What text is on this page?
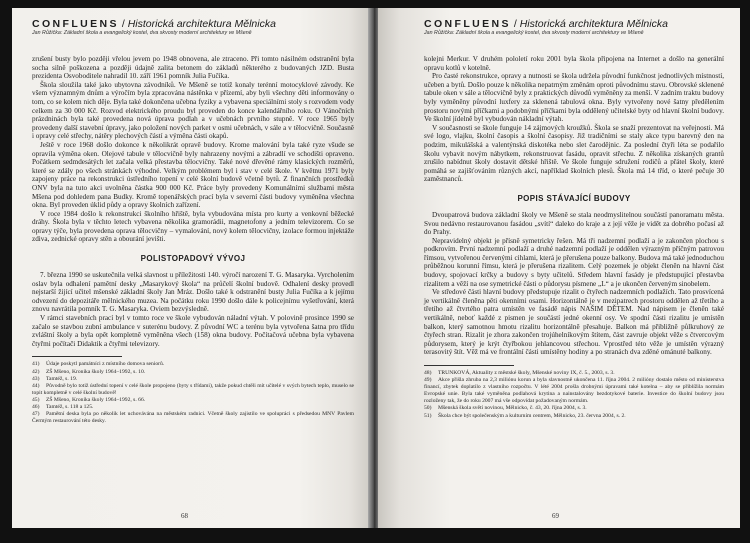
CONFLUENS / Historická architektura Mělnicka
Jan Růžička: Základní škola a evangelický kostel, dva skvosty moderní architektury ve Mšeně

zrušení busty bylo později vřelou jevem po 1948 obnovena, ale ztraceno. Při tomto násilném odstranění byla socha silně poškozena a později údajně zalita betonem do základů některého z budovaných JZD. Busta prezidenta Osvoboditele nahradil 10. září 1961 pomník Julia Fučíka.

Škola sloužila také jako ubytovna závodníků. Ve Mšeně se totiž konaly terénní motocyklové závody. Ke všem významným dnům a výročím byla zpracována nástěnka v přízemí, aby byli všechny děti informovány o tom, co se kolem nich děje. Byla také dokončena učebna fyziky a vybavena speciálními stoly s rozvodem vody celkem za 30 000 Kč. Rozvod elektrického proudu byl proveden do konce kalendářního roku. O Vánočních prázdninách byla také provedena nová úprava podlah a v učebnách prvního stupně. V roce 1965 byly provedeny další stavební úpravy, jako položení nových parket v osmi učebnách, v sále a v tělocvičně. Současně i opravy celé střechy, nátěry plechových částí a výměna části okapů.

Ještě v roce 1968 došlo dokonce k několikrát opravě budovy. Krome malování byla také ryze všude se opravila výměna oken. Olejové tabule v tělocvičně byly nahrazeny novými a zábradlí ve schodišti opraveno. Počátkem sedmdesátých let začala velká přestavba tělocvičny. Také nové dřevěné rámy klasických rozměrů, které se zdály po všech stránkách výhodné. Velkým problémem byl i stav v celé škole. V květnu 1971 byly zapojeny práce na rekonstrukci ústředního topení v celé školní budově včetně bytů. Z finančních prostředků ONV byla na tuto akci uvolněna částka 900 000 Kč. Práce byly provedeny Komunálními službami města Mšena pod dohledem pana Budky. Kromě topenářských prací byla v severní části budovy vyměněna všechna okna. Byl proveden úklid půdy a opravy školních zařízení.

V roce 1984 došlo k rekonstrukci školního hřiště, byla vybudována místa pro kurty a venkovní běžecké dráhy. Škola byla v těchto letech vybavena několika gramorádii, magnetofony a jedním televizorem. Co se opravy týče, byla provedena oprava tělocvičny – vymalování, nový kolem tělocvičny, izolace formou injektáže zdiva, zednické opravy stěn a obourání jevišti.

POLISTOPADOVÝ VÝVOJ

7. března 1990 se uskutečnila velká slavnost u příležitosti 140. výročí narození T. G. Masaryka. Vyrcholením oslav byla odhalení pamětní desky „Masarykový škola“ na průčelí školní budově. Odhalení desky provedl nejstarší žijící učitel mšenské základní školy Jan Mráz. Došlo také k odstranění busty Julia Fučíka a k jejímu odvezení do depozitáře mělnického muzea. Na počátku roku 1990 došlo dále k policejnímu vyšetřování, která znovu navrátila pomník T. G. Masaryka. Oviem bezvýsledně.

V rámci stavebních prací byl v tomto roce ve škole vybudován náladní výtah. V polovině prosince 1990 se začalo se stavbou zubní ambulance v suterénu budovy. Z původní WC a terénu byla vytvořena šatna pro třídu zvláštní školy a byla opět kompletně vyměněna všech (158) okna budovy. Počítačová učebna byla vybavena čtyřmi počítači Didaktik a čtyřmi televizory.

41) Údaje poskytl památníci z místního domova seniorů.

42) ZŠ Mšeno, Kronika školy 1964–1992, s. 10.

43) Tamtéž, s. 19.

44) Původně bylo totiž ústřední topení v celé škole propojeno (byty s třídami), takže pokud chtěli mít učitelé v svých bytech teplo, muselo se topit kompletně v celé školní budově!

45) ZŠ Mšeno, Kronika školy 1964–1992, s. 66.

46) Tamtéž, s. 118 a 125.

47) Pamětní deska byla po několik let uchovávána na městském radnici. Včetně školy zajistilo ve spolupráci s předsedou MNV Pavlem Čermým restaurování této desky.

68
CONFLUENS / Historická architektura Mělnicka
Jan Růžička: Základní škola a evangelický kostel, dva skvosty moderní architektury ve Mšeně

kolejni Merkur. V druhém pololetí roku 2001 byla škola připojena na Internet a došlo na generální opravu kotlů v kotelně.

Pro časté rekonstrukce, opravy a nutnosti se škola udržela původní funkčnost jednotlivých místností, učeben a bytů. Došlo pouze k několika nepatrným změnám oproti původnímu stavu. Obrovské sklenené tabule oken v sále a tělocvičně byly z praktických důvodů vyměněny za menší. V zadním traktu budovy byly vyměněny původní luxfery za sklenená tabulová okna. Byly vytvořeny nové šatny předělením prostoru novými příčkami a podobnými příčkami byla oddělený učitelské byty od hlavní školní budovy. Ve školní jídelně byl vybudován nákladní výtah.

V současnosti se škole funguje 14 zájmových kroužků. Škola se snaží prezentovat na veřejnosti. Má své logo, vlajku, školní časopis a školní časopisy. Již tradičními se staly akce typu barevný den na podzim, mikulášská a valentýnská diskotéka nebo slet čarodějnic. Za poslední čtyři léta se podařilo školu vybavit novým nábytkem, rekonstruovat fasádu, opravit střechu. Z několika získaných grantů zrušilo nabídnut školy dostavit dětské hřiště. Ve škole funguje sdružení rodičů a přátel školy, které pomáhá se zajišťováním různých akcí, například školních plesů. Škola má 14 tříd, o které pečuje 30 zaměstnanců.

POPIS STÁVAJÍCÍ BUDOVY

Dvoupatrová budova základní školy ve Mšeně se stala neodmyslitelnou součástí panoramatu města. Svou nedávno restaurovanou fasádou „svítí“ daleko do kraje a z její věže je vidět za dobrého počasí až do Prahy.

Nepravidelný objekt je přísně symetricky řešen. Má tři nadzemní podlaží a je zakončen plochou s podkrovím. První nadzemní podlaží a druhé nadzemní podlaží je oddělen výrazným příčným patrovou římsou, vytvořenou červenými cihlami, která je přerušena pouze balkony. Budova má také jednoduchou průběžnou korunní římsu, která je přerušena rizalitem. Celý pozemek je objekt členěn na hlavní část budovy, spojovací krčky a budovy s byty učitelů. Středem hlavní fasády je předstupující přestavba rizalitem a věží na ose symetrické části o půdorysu písmene „L“ a je ukončen červeným sinobelem.

Ve středové části hlavní budovy předstupuje rizalit o čtyřech nadzemních podlažích. Tato prosvícená je vertikálně členěna pěti okenními osami. Horizontálně je v mezipatrech prostoru oddělen až třetího a třetího až čtvrtého patra umístěn ve fasádě nápis NAŠIM DĚTEM. Nad nápisem je členěn také vertikálně, neboť každé z pismen je součástí jedné okenní osy. Ve spodní části rizalitu je umístěn balkon, který samotnou hmotu rizalitu horizontálně přesahuje. Balkon má přibližně půlkruhový ze čtyřech stran. Rizalit je zhora zakončen trojúhelníkovým štítem, část zavruje objekt věže s čtvercovým půdorysem, který je krýt čtyřbokou jehlancovou střechou. Vprostřed této věže je umístěn výrazný terasovitý štít. Věž má ve frontální části umístěny hodiny a po stranách dva zděné ománuté balkony.

48) TRUNKOVÁ, Aktuality z městské školy, Mšenské noviny IX, č. 5., 2003, s. 3.

49) Akce přišla zhruba na 2,3 miliónu korun a byla slavnostně ukončena 11. října 2004. 2 milióny dostalo město od ministerstva financí, zbytek doplatilo z vlastního rozpočtu. V lété 2004 prošla drobnými úpravami také kotelna – aby se přiblížila normám Evropské unie. Byla také vyměněna podlahová krytina a nainstalovány bezdotykové baterie. Investice do školní budovy jsou rozloženy tak, že do roku 2007 má vše odpovídat požadovaným normám.

50) Mšenská škola světí novinou, Mělnicko, č. 43, 20. října 2004, s. 3.

51) Škola chce být společenským a kulturním centrem, Mělnicko, 23. června 2004, s. 2.

69
